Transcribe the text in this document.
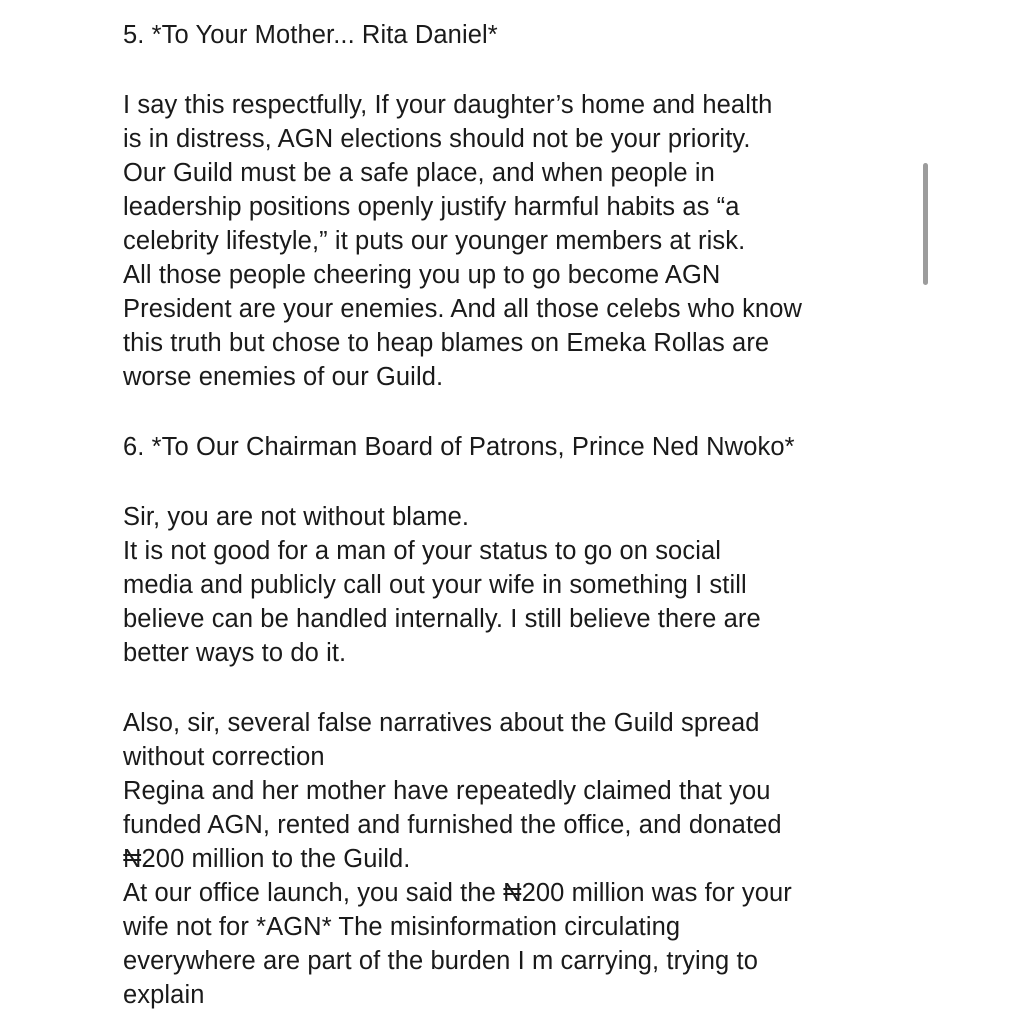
5. *To Your Mother... Rita Daniel*
I say this respectfully, If your daughter’s home and health
is in distress, AGN elections should not be your priority.
Our Guild must be a safe place, and when people in
leadership positions openly justify harmful habits as “a
celebrity lifestyle,” it puts our younger members at risk.
All those people cheering you up to go become AGN
President are your enemies. And all those celebs who know
this truth but chose to heap blames on Emeka Rollas are
worse enemies of our Guild.
6. *To Our Chairman Board of Patrons, Prince Ned Nwoko*
Sir, you are not without blame.
It is not good for a man of your status to go on social
media and publicly call out your wife in something I still
believe can be handled internally. I still believe there are
better ways to do it.
Also, sir, several false narratives about the Guild spread
without correction
Regina and her mother have repeatedly claimed that you
funded AGN, rented and furnished the office, and donated
₦200 million to the Guild.
At our office launch, you said the ₦200 million was for your
wife not for *AGN* The misinformation circulating
everywhere are part of the burden I m carrying, trying to
explain
